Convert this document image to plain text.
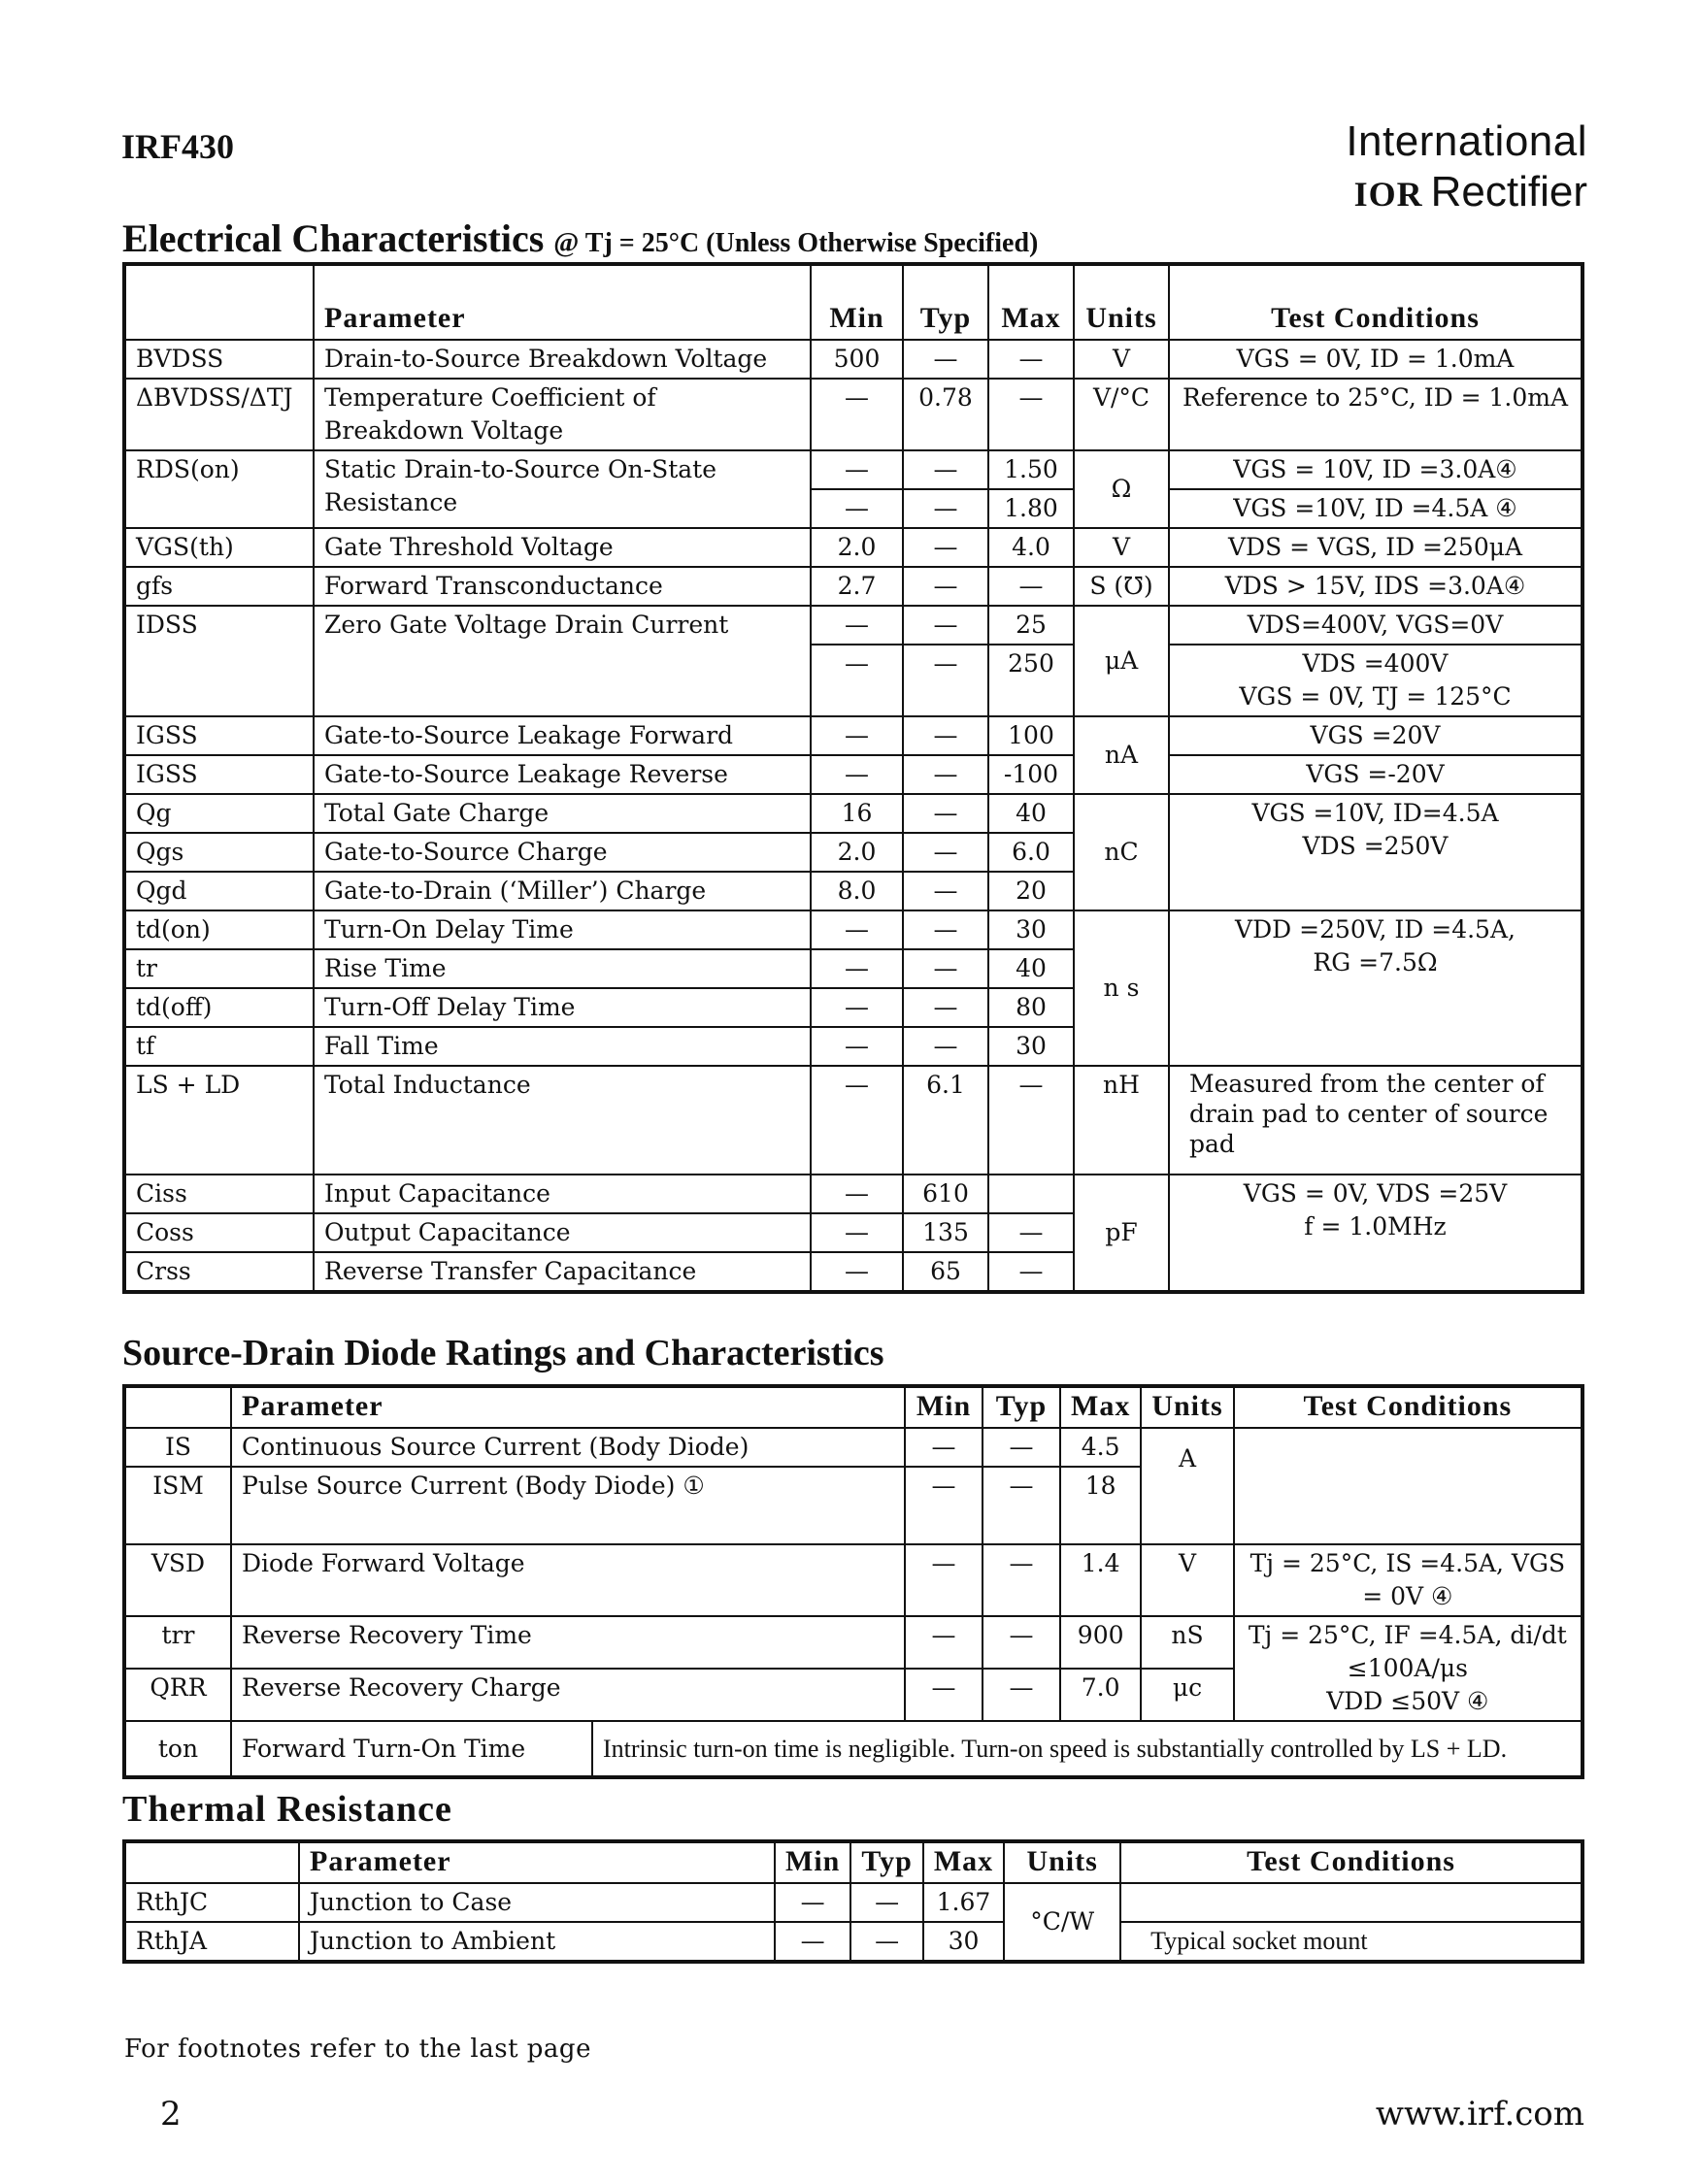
IRF430	International
IOR Rectifier
Electrical Characteristics @ Tj = 25°C (Unless Otherwise Specified)
	Parameter	Min	Typ	Max	Units	Test Conditions
BVDSS	Drain-to-Source Breakdown Voltage	500	—	—	V	VGS = 0V, ID = 1.0mA
ΔBVDSS/ΔTJ	Temperature Coefficient of Breakdown Voltage	—	0.78	—	V/°C	Reference to 25°C, ID = 1.0mA
RDS(on)	Static Drain-to-Source On-State Resistance	—	—	1.50	Ω	VGS = 10V, ID =3.0A④
		—	—	1.80		VGS =10V, ID =4.5A ④
VGS(th)	Gate Threshold Voltage	2.0	—	4.0	V	VDS = VGS, ID =250μA
gfs	Forward Transconductance	2.7	—	—	S (℧)	VDS > 15V, IDS =3.0A④
IDSS	Zero Gate Voltage Drain Current	—	—	25	μA	VDS=400V, VGS=0V
		—	—	250		VDS =400V
VGS = 0V, TJ = 125°C

IGSS	Gate-to-Source Leakage Forward	—	—	100	nA	VGS =20V
IGSS	Gate-to-Source Leakage Reverse	—	—	-100		VGS =-20V
Qg	Total Gate Charge	16	—	40	nC	VGS =10V, ID=4.5A
VDS =250V

Qgs	Gate-to-Source Charge	2.0	—	6.0		
Qgd	Gate-to-Drain (‘Miller’) Charge	8.0	—	20		
td(on)	Turn-On Delay Time	—	—	30	n s	VDD =250V, ID =4.5A,
RG =7.5Ω

tr	Rise Time	—	—	40		
td(off)	Turn-Off Delay Time	—	—	80		
tf	Fall Time	—	—	30		
LS + LD	Total Inductance	—	6.1	—	nH	Measured from the center of drain pad to center of source pad
Ciss	Input Capacitance	—	610		pF	VGS = 0V, VDS =25V
f = 1.0MHz

Coss	Output Capacitance	—	135	—		
Crss	Reverse Transfer Capacitance	—	65	—		
Source-Drain Diode Ratings and Characteristics
	Parameter		Min	Typ	Max	Units	Test Conditions
IS	Continuous Source Current (Body Diode)		—	—	4.5	A	
ISM	Pulse Source Current (Body Diode) ①		—	—	18		
VSD	Diode Forward Voltage		—	—	1.4	V	Tj = 25°C, IS =4.5A, VGS = 0V ④
trr	Reverse Recovery Time		—	—	900	nS	Tj = 25°C, IF =4.5A, di/dt ≤100A/μs
VDD ≤50V ④

QRR	Reverse Recovery Charge		—	—	7.0	μc	
ton	Forward Turn-On Time	Intrinsic turn-on time is negligible. Turn-on speed is substantially controlled by LS + LD.					
Thermal Resistance
	Parameter	Min	Typ	Max	Units	Test Conditions
RthJC	Junction to Case	—	—	1.67	°C/W	
RthJA	Junction to Ambient	—	—	30		Typical socket mount
For footnotes refer to the last page
2	www.irf.com
